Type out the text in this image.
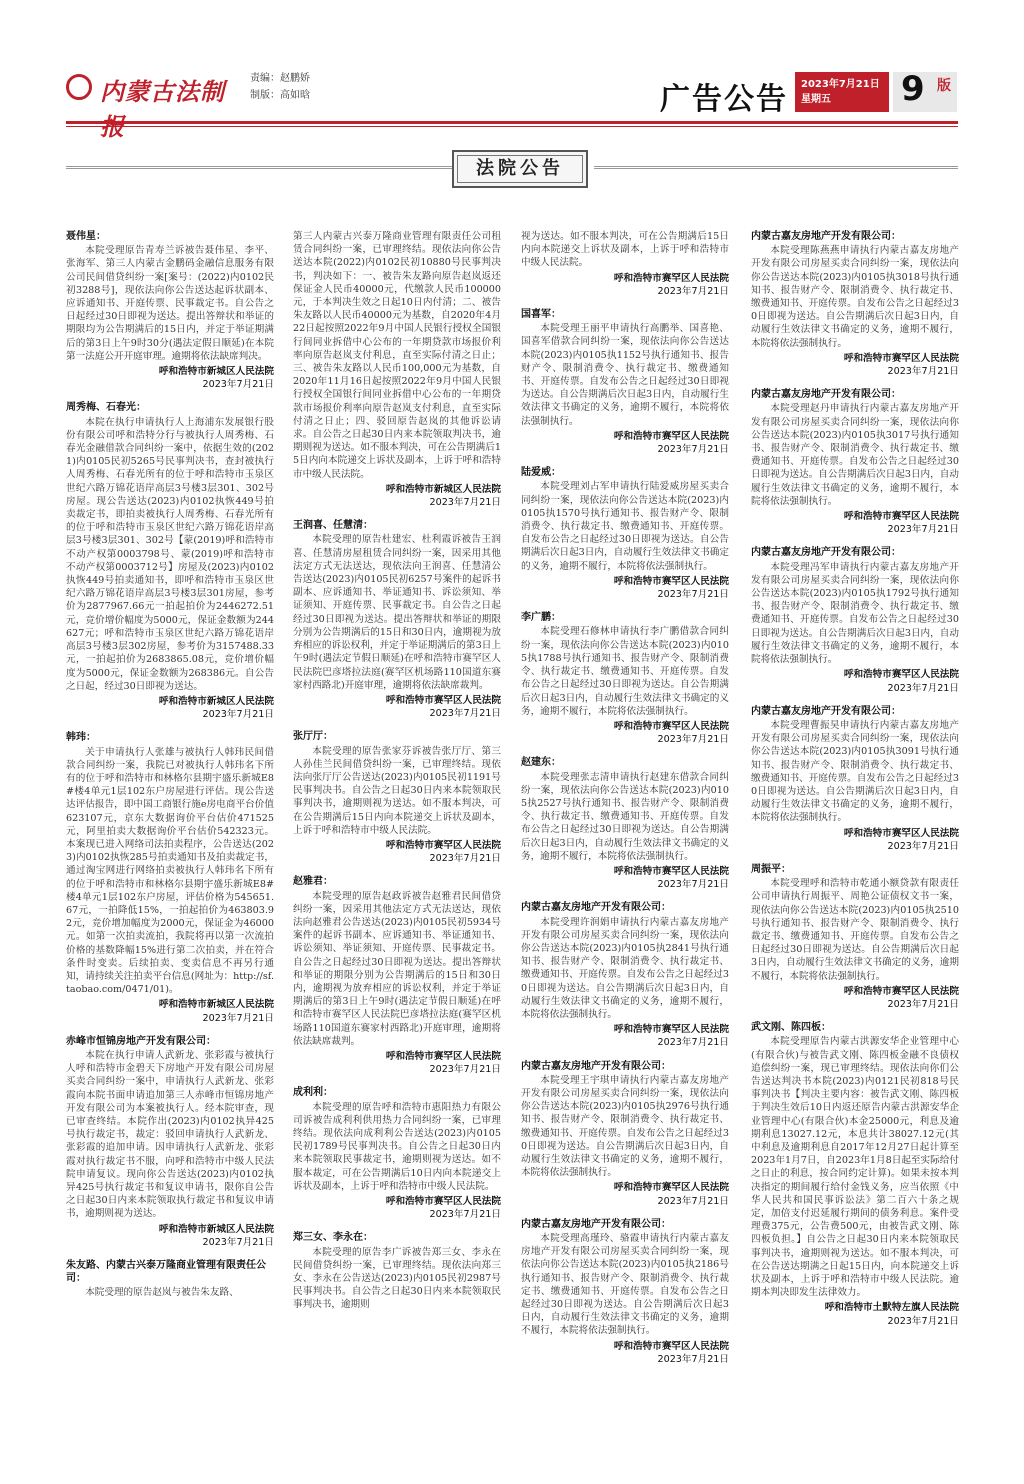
内蒙古法制	责编：赵鹏娇
制版：高如晗	广告公告 2023年7月21日
星期五	9 版
法院公告
聂伟星：
本院受理原告青寿兰诉被告聂伟星、李平、张海军、第三人内蒙古金鹏码金融信息服务有限公司民间借贷纠纷一案[案号：(2022)内0102民初3288号]，现依法向你公告送达起诉状副本、应诉通知书、开庭传票、民事裁定书。自公告之日起经过30日即视为送达。提出答辩状和举证的期限均为公告期满后的15日内，并定于举证期满后的第3日上午9时30分(遇法定假日顺延)在本院第一法庭公开开庭审理。逾期将依法缺席判决。
呼和浩特市新城区人民法院
2023年7月21日
周秀梅、石春光：
本院在执行申请执行人上海浦东发展银行股份有限公司呼和浩特分行与被执行人周秀梅、石春光金融借款合同纠纷一案中，依据生效的(2021)内0105民初5265号民事判决书，查封被执行人周秀梅、石春光所有的位于呼和浩特市玉泉区世纪六路万锦花语岸高层3号楼3层301、302号房屋。现公告送达(2023)内0102执恢449号拍卖裁定书，即拍卖被执行人周秀梅、石春光所有的位于呼和浩特市玉泉区世纪六路万锦花语岸高层3号楼3层301、302号【蒙(2019)呼和浩特市不动产权第0003798号、蒙(2019)呼和浩特市不动产权第0003712号】房屋及(2023)内0102执恢449号拍卖通知书，即呼和浩特市玉泉区世纪六路万锦花语岸高层3号楼3层301房屋，参考价为2877967.66元一拍起拍价为2446272.51元，竞价增价幅度为5000元，保证金数额为244627元；呼和浩特市玉泉区世纪六路万锦花语岸高层3号楼3层302房屋，参考价为3157488.33元，一拍起拍价为2683865.08元，竞价增价幅度为5000元，保证金数额为268386元。自公告之日起，经过30日即视为送达。
呼和浩特市新城区人民法院
2023年7月21日
韩玮：
关于申请执行人张雄与被执行人韩玮民间借款合同纠纷一案，我院已对被执行人韩玮名下所有的位于呼和浩特市和林格尔县期宇盛乐新城E8#楼4单元1层102东户房屋进行评估。现公告送达评估报告，即中国工商银行施e房电商平台价值623107元，京东大数据询价平台估价471525元，阿里拍卖大数据询价平台估价542323元。本案现已进入网络司法拍卖程序，公告送达(2023)内0102执恢285号拍卖通知书及拍卖裁定书，通过淘宝网进行网络拍卖被执行人韩玮名下所有的位于呼和浩特市和林格尔县期宇盛乐新城E8#楼4单元1层102东户房屋，评估价格为545651.67元，一拍降低15%，一拍起拍价为463803.92元，竞价增加幅度为2000元，保证金为46000元。如第一次拍卖流拍，我院将再以第一次流拍价格的基数降幅15%进行第二次拍卖，并在符合条件时变卖。后续拍卖、变卖信息不再另行通知，请持续关注拍卖平台信息(网址为：http://sf.taobao.com/0471/01)。
呼和浩特市新城区人民法院
2023年7月21日
赤峰市恒锦房地产开发有限公司：
本院在执行申请人武新龙、张彩霞与被执行人呼和浩特市金碧天下房地产开发有限公司房屋买卖合同纠纷一案中，申请执行人武新龙、张彩霞向本院书面申请追加第三人赤峰市恒锦房地产开发有限公司为本案被执行人。经本院审查，现已审查终结。本院作出(2023)内0102执异425号执行裁定书，裁定：驳回申请执行人武新龙、张彩霞的追加申请。因申请执行人武新龙、张彩霞对执行裁定书不服，向呼和浩特市中级人民法院申请复议。现向你公告送达(2023)内0102执异425号执行裁定书和复议申请书，限你自公告之日起30日内来本院领取执行裁定书和复议申请书，逾期则视为送达。
呼和浩特市新城区人民法院
2023年7月21日
朱友路、内蒙古兴泰万隆商业管理有限责任公司：
本院受理的原告赵岚与被告朱友路、
第三人内蒙古兴泰万隆商业管理有限责任公司租赁合同纠纷一案，已审理终结。现依法向你公告送达本院(2022)内0102民初10880号民事判决书，判决如下：一、被告朱友路向原告赵岚返还保证金人民币40000元，代缴款人民币100000元，于本判决生效之日起10日内付清；二、被告朱友路以人民币40000元为基数，自2020年4月22日起按照2022年9月中国人民银行授权全国银行间同业拆借中心公布的一年期贷款市场报价利率向原告赵岚支付利息，直至实际付清之日止；三、被告朱友路以人民币100,000元为基数，自2020年11月16日起按照2022年9月中国人民银行授权全国银行间同业拆借中心公布的一年期贷款市场报价利率向原告赵岚支付利息，直至实际付清之日止；四、驳回原告赵岚的其他诉讼请求。自公告之日起30日内来本院领取判决书，逾期则视为送达。如不服本判决，可在公告期满后15日内向本院递交上诉状及副本，上诉于呼和浩特市中级人民法院。
呼和浩特市新城区人民法院
2023年7月21日
王润喜、任慧清：
本院受理的原告杜建宏、杜利霞诉被告王润喜、任慧清房屋租赁合同纠纷一案，因采用其他法定方式无法送达，现依法向王润喜、任慧清公告送达(2023)内0105民初6257号案件的起诉书副本、应诉通知书、举证通知书、诉讼须知、举证须知、开庭传票、民事裁定书。自公告之日起经过30日即视为送达。提出答辩状和举证的期限分别为公告期满后的15日和30日内，逾期视为放弃相应的诉讼权利，并定于举证期满后的第3日上午9时(遇法定节假日顺延)在呼和浩特市赛罕区人民法院巴彦塔拉法庭(赛罕区机场路110国道东赛家村西路北)开庭审理，逾期将依法缺席裁判。
呼和浩特市赛罕区人民法院
2023年7月21日
张厅厅：
本院受理的原告张家芬诉被告张厅厅、第三人孙佳兰民间借贷纠纷一案，已审理终结。现依法向张厅厅公告送达(2023)内0105民初1191号民事判决书。自公告之日起30日内来本院领取民事判决书，逾期则视为送达。如不服本判决，可在公告期满后15日内向本院递交上诉状及副本，上诉于呼和浩特市中级人民法院。
呼和浩特市赛罕区人民法院
2023年7月21日
赵雅君：
本院受理的原告赵政诉被告赵雅君民间借贷纠纷一案，因采用其他法定方式无法送达，现依法向赵雅君公告送达(2023)内0105民初5934号案件的起诉书副本、应诉通知书、举证通知书、诉讼须知、举证须知、开庭传票、民事裁定书。自公告之日起经过30日即视为送达。提出答辩状和举证的期限分别为公告期满后的15日和30日内，逾期视为放弃相应的诉讼权利，并定于举证期满后的第3日上午9时(遇法定节假日顺延)在呼和浩特市赛罕区人民法院巴彦塔拉法庭(赛罕区机场路110国道东赛家村西路北)开庭审理，逾期将依法缺席裁判。
呼和浩特市赛罕区人民法院
2023年7月21日
成利利：
本院受理的原告呼和浩特市惠阳热力有限公司诉被告成利利供用热力合同纠纷一案，已审理终结。现依法向成利利公告送达(2023)内0105民初1789号民事判决书。自公告之日起30日内来本院领取民事裁定书，逾期则视为送达。如不服本裁定，可在公告期满后10日内向本院递交上诉状及副本，上诉于呼和浩特市中级人民法院。
呼和浩特市赛罕区人民法院
2023年7月21日
郑三女、李永在：
本院受理的原告李广诉被告郑三女、李永在民间借贷纠纷一案，已审理终结。现依法向郑三女、李永在公告送达(2023)内0105民初2987号民事判决书。自公告之日起30日内来本院领取民事判决书，逾期则
视为送达。如不服本判决，可在公告期满后15日内向本院递交上诉状及副本，上诉于呼和浩特市中级人民法院。
呼和浩特市赛罕区人民法院
2023年7月21日
国喜军：
本院受理王丽平申请执行高鹏举、国喜艳、国喜军借款合同纠纷一案，现依法向你公告送达本院(2023)内0105执1152号执行通知书、报告财产令、限制消费令、执行裁定书、缴费通知书、开庭传票。自发布公告之日起经过30日即视为送达。自公告期满后次日起3日内，自动履行生效法律文书确定的义务，逾期不履行，本院将依法强制执行。
呼和浩特市赛罕区人民法院
2023年7月21日
陆爱威：
本院受理刘占军申请执行陆爱威房屋买卖合同纠纷一案，现依法向你公告送达本院(2023)内0105执1570号执行通知书、报告财产令、限制消费令、执行裁定书、缴费通知书、开庭传票。自发布公告之日起经过30日即视为送达。自公告期满后次日起3日内，自动履行生效法律文书确定的义务，逾期不履行，本院将依法强制执行。
呼和浩特市赛罕区人民法院
2023年7月21日
李广鹏：
本院受理石修林申请执行李广鹏借款合同纠纷一案，现依法向你公告送达本院(2023)内0105执1788号执行通知书、报告财产令、限制消费令、执行裁定书、缴费通知书、开庭传票。自发布公告之日起经过30日即视为送达。自公告期满后次日起3日内，自动履行生效法律文书确定的义务，逾期不履行，本院将依法强制执行。
呼和浩特市赛罕区人民法院
2023年7月21日
赵建东：
本院受理张志清申请执行赵建东借款合同纠纷一案，现依法向你公告送达本院(2023)内0105执2527号执行通知书、报告财产令、限制消费令、执行裁定书、缴费通知书、开庭传票。自发布公告之日起经过30日即视为送达。自公告期满后次日起3日内，自动履行生效法律文书确定的义务，逾期不履行，本院将依法强制执行。
呼和浩特市赛罕区人民法院
2023年7月21日
内蒙古嘉友房地产开发有限公司：
本院受理许润娟申请执行内蒙古嘉友房地产开发有限公司房屋买卖合同纠纷一案，现依法向你公告送达本院(2023)内0105执2841号执行通知书、报告财产令、限制消费令、执行裁定书、缴费通知书、开庭传票。自发布公告之日起经过30日即视为送达。自公告期满后次日起3日内，自动履行生效法律文书确定的义务，逾期不履行，本院将依法强制执行。
呼和浩特市赛罕区人民法院
2023年7月21日
内蒙古嘉友房地产开发有限公司：
本院受理王宇琪申请执行内蒙古嘉友房地产开发有限公司房屋买卖合同纠纷一案，现依法向你公告送达本院(2023)内0105执2976号执行通知书、报告财产令、限制消费令、执行裁定书、缴费通知书、开庭传票。自发布公告之日起经过30日即视为送达。自公告期满后次日起3日内，自动履行生效法律文书确定的义务，逾期不履行，本院将依法强制执行。
呼和浩特市赛罕区人民法院
2023年7月21日
内蒙古嘉友房地产开发有限公司：
本院受理高瑾玲、骆霞申请执行内蒙古嘉友房地产开发有限公司房屋买卖合同纠纷一案，现依法向你公告送达本院(2023)内0105执2186号执行通知书、报告财产令、限制消费令、执行裁定书、缴费通知书、开庭传票。自发布公告之日起经过30日即视为送达。自公告期满后次日起3日内，自动履行生效法律文书确定的义务，逾期不履行，本院将依法强制执行。
呼和浩特市赛罕区人民法院
2023年7月21日
内蒙古嘉友房地产开发有限公司：
本院受理陈燕燕申请执行内蒙古嘉友房地产开发有限公司房屋买卖合同纠纷一案，现依法向你公告送达本院(2023)内0105执3018号执行通知书、报告财产令、限制消费令、执行裁定书、缴费通知书、开庭传票。自发布公告之日起经过30日即视为送达。自公告期满后次日起3日内，自动履行生效法律文书确定的义务，逾期不履行，本院将依法强制执行。
呼和浩特市赛罕区人民法院
2023年7月21日
内蒙古嘉友房地产开发有限公司：
本院受理赵丹申请执行内蒙古嘉友房地产开发有限公司房屋买卖合同纠纷一案，现依法向你公告送达本院(2023)内0105执3017号执行通知书、报告财产令、限制消费令、执行裁定书、缴费通知书、开庭传票。自发布公告之日起经过30日即视为送达。自公告期满后次日起3日内，自动履行生效法律文书确定的义务，逾期不履行，本院将依法强制执行。
呼和浩特市赛罕区人民法院
2023年7月21日
内蒙古嘉友房地产开发有限公司：
本院受理冯军申请执行内蒙古嘉友房地产开发有限公司房屋买卖合同纠纷一案，现依法向你公告送达本院(2023)内0105执1792号执行通知书、报告财产令、限制消费令、执行裁定书、缴费通知书、开庭传票。自发布公告之日起经过30日即视为送达。自公告期满后次日起3日内，自动履行生效法律文书确定的义务，逾期不履行，本院将依法强制执行。
呼和浩特市赛罕区人民法院
2023年7月21日
内蒙古嘉友房地产开发有限公司：
本院受理曹振昊申请执行内蒙古嘉友房地产开发有限公司房屋买卖合同纠纷一案，现依法向你公告送达本院(2023)内0105执3091号执行通知书、报告财产令、限制消费令、执行裁定书、缴费通知书、开庭传票。自发布公告之日起经过30日即视为送达。自公告期满后次日起3日内，自动履行生效法律文书确定的义务，逾期不履行，本院将依法强制执行。
呼和浩特市赛罕区人民法院
2023年7月21日
周振平：
本院受理呼和浩特市乾通小额贷款有限责任公司申请执行周振平、周艳公证债权文书一案，现依法向你公告送达本院(2023)内0105执2510号执行通知书、报告财产令、限制消费令、执行裁定书、缴费通知书、开庭传票。自发布公告之日起经过30日即视为送达。自公告期满后次日起3日内，自动履行生效法律文书确定的义务，逾期不履行，本院将依法强制执行。
呼和浩特市赛罕区人民法院
2023年7月21日
武文刚、陈四板：
本院受理原告内蒙古洪源安华企业管理中心(有限合伙)与被告武文刚、陈四板金融不良债权追偿纠纷一案，现已审理终结。现依法向你们公告送达判决书本院(2023)内0121民初818号民事判决书【判决主要内容：被告武文刚、陈四板于判决生效后10日内返还原告内蒙古洪源安华企业管理中心(有限合伙)本金25000元，利息及逾期利息13027.12元，本息共计38027.12元(其中利息及逾期利息自2017年12月27日起计算至2023年1月7日，自2023年1月8日起至实际给付之日止的利息，按合同约定计算)。如果未按本判决指定的期间履行给付金钱义务，应当依照《中华人民共和国民事诉讼法》第二百六十条之规定，加倍支付迟延履行期间的债务利息。案件受理费375元，公告费500元，由被告武文刚、陈四板负担。】自公告之日起30日内来本院领取民事判决书，逾期则视为送达。如不服本判决，可在公告送达期满之日起15日内，向本院递交上诉状及副本，上诉于呼和浩特市中级人民法院。逾期本判决即发生法律效力。
呼和浩特市土默特左旗人民法院
2023年7月21日
